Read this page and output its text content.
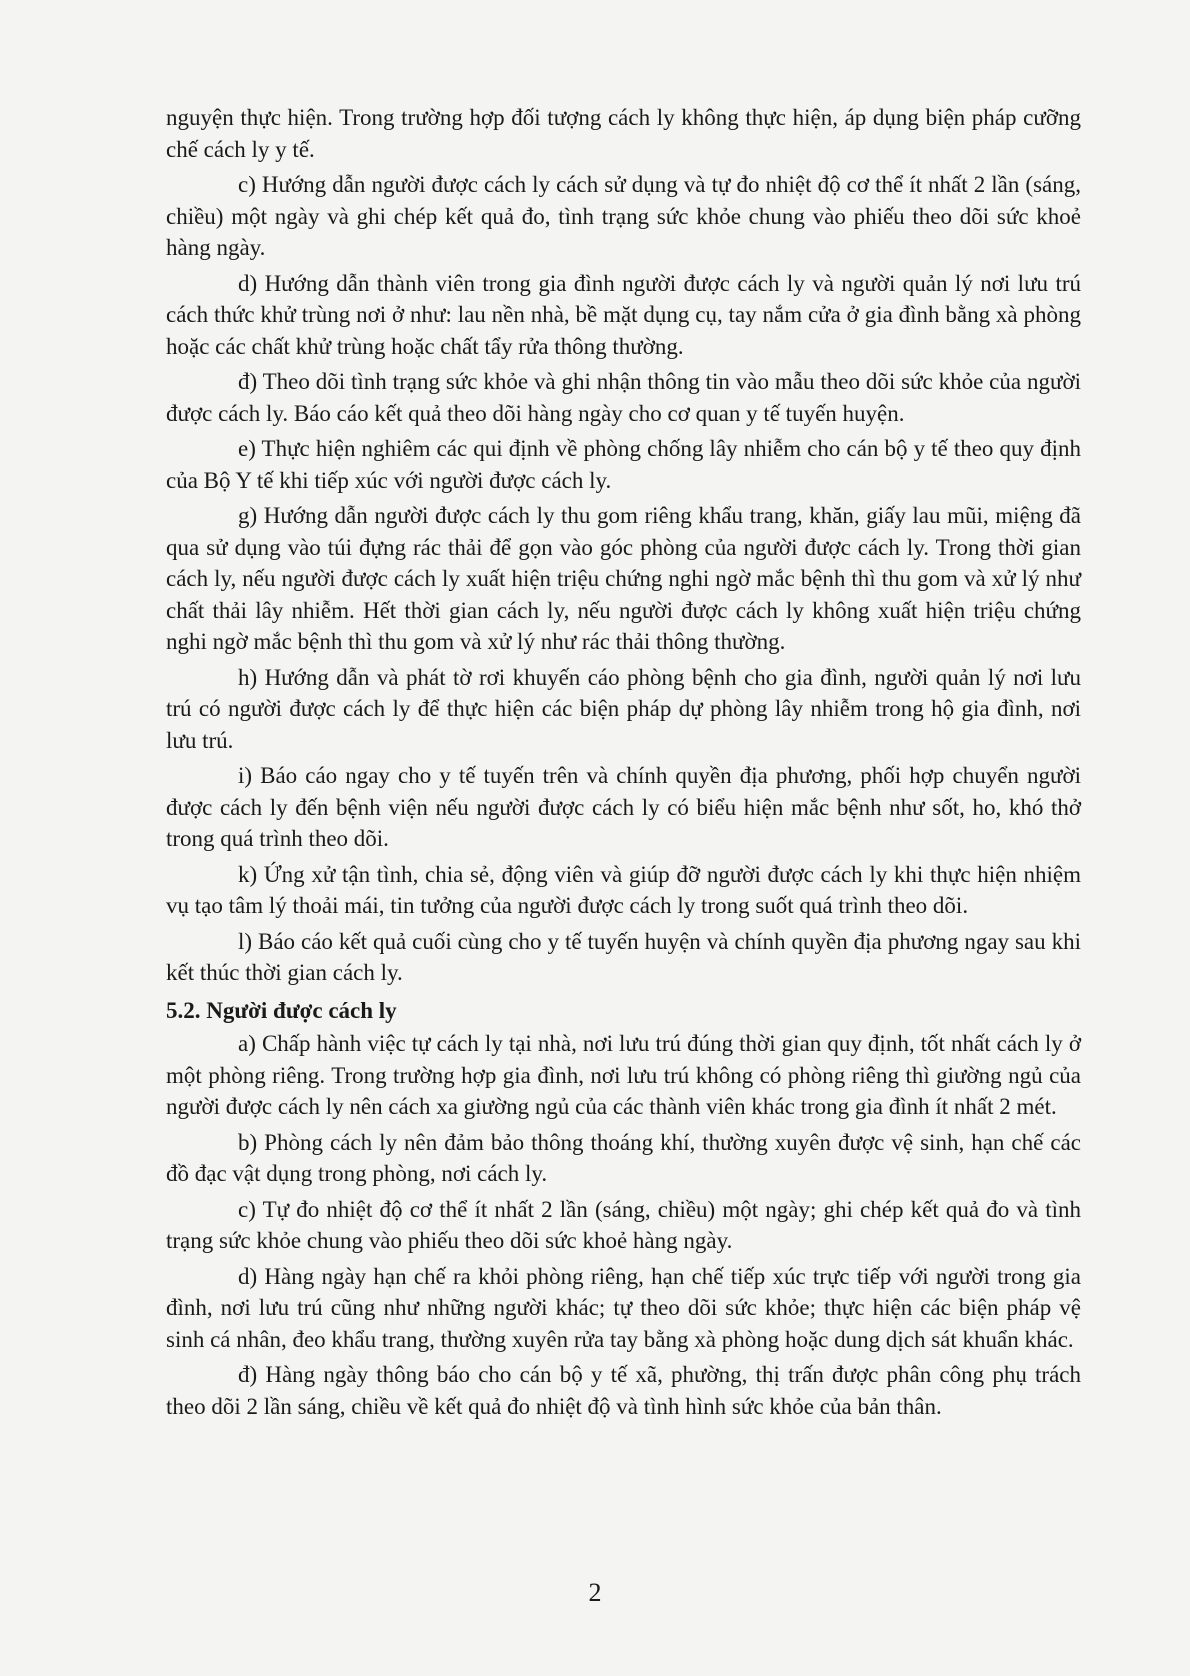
nguyện thực hiện. Trong trường hợp đối tượng cách ly không thực hiện, áp dụng biện pháp cưỡng chế cách ly y tế.

c) Hướng dẫn người được cách ly cách sử dụng và tự đo nhiệt độ cơ thể ít nhất 2 lần (sáng, chiều) một ngày và ghi chép kết quả đo, tình trạng sức khỏe chung vào phiếu theo dõi sức khoẻ hàng ngày.

d) Hướng dẫn thành viên trong gia đình người được cách ly và người quản lý nơi lưu trú cách thức khử trùng nơi ở như: lau nền nhà, bề mặt dụng cụ, tay nắm cửa ở gia đình bằng xà phòng hoặc các chất khử trùng hoặc chất tẩy rửa thông thường.

đ) Theo dõi tình trạng sức khỏe và ghi nhận thông tin vào mẫu theo dõi sức khỏe của người được cách ly. Báo cáo kết quả theo dõi hàng ngày cho cơ quan y tế tuyến huyện.

e) Thực hiện nghiêm các qui định về phòng chống lây nhiễm cho cán bộ y tế theo quy định của Bộ Y tế khi tiếp xúc với người được cách ly.

g) Hướng dẫn người được cách ly thu gom riêng khẩu trang, khăn, giấy lau mũi, miệng đã qua sử dụng vào túi đựng rác thải để gọn vào góc phòng của người được cách ly. Trong thời gian cách ly, nếu người được cách ly xuất hiện triệu chứng nghi ngờ mắc bệnh thì thu gom và xử lý như chất thải lây nhiễm. Hết thời gian cách ly, nếu người được cách ly không xuất hiện triệu chứng nghi ngờ mắc bệnh thì thu gom và xử lý như rác thải thông thường.

h) Hướng dẫn và phát tờ rơi khuyến cáo phòng bệnh cho gia đình, người quản lý nơi lưu trú có người được cách ly để thực hiện các biện pháp dự phòng lây nhiễm trong hộ gia đình, nơi lưu trú.

i) Báo cáo ngay cho y tế tuyến trên và chính quyền địa phương, phối hợp chuyển người được cách ly đến bệnh viện nếu người được cách ly có biểu hiện mắc bệnh như sốt, ho, khó thở trong quá trình theo dõi.

k) Ứng xử tận tình, chia sẻ, động viên và giúp đỡ người được cách ly khi thực hiện nhiệm vụ tạo tâm lý thoải mái, tin tưởng của người được cách ly trong suốt quá trình theo dõi.

l) Báo cáo kết quả cuối cùng cho y tế tuyến huyện và chính quyền địa phương ngay sau khi kết thúc thời gian cách ly.

5.2. Người được cách ly

a) Chấp hành việc tự cách ly tại nhà, nơi lưu trú đúng thời gian quy định, tốt nhất cách ly ở một phòng riêng. Trong trường hợp gia đình, nơi lưu trú không có phòng riêng thì giường ngủ của người được cách ly nên cách xa giường ngủ của các thành viên khác trong gia đình ít nhất 2 mét.

b) Phòng cách ly nên đảm bảo thông thoáng khí, thường xuyên được vệ sinh, hạn chế các đồ đạc vật dụng trong phòng, nơi cách ly.

c) Tự đo nhiệt độ cơ thể ít nhất 2 lần (sáng, chiều) một ngày; ghi chép kết quả đo và tình trạng sức khỏe chung vào phiếu theo dõi sức khoẻ hàng ngày.

d) Hàng ngày hạn chế ra khỏi phòng riêng, hạn chế tiếp xúc trực tiếp với người trong gia đình, nơi lưu trú cũng như những người khác; tự theo dõi sức khỏe; thực hiện các biện pháp vệ sinh cá nhân, đeo khẩu trang, thường xuyên rửa tay bằng xà phòng hoặc dung dịch sát khuẩn khác.

đ) Hàng ngày thông báo cho cán bộ y tế xã, phường, thị trấn được phân công phụ trách theo dõi 2 lần sáng, chiều về kết quả đo nhiệt độ và tình hình sức khỏe của bản thân.

2
